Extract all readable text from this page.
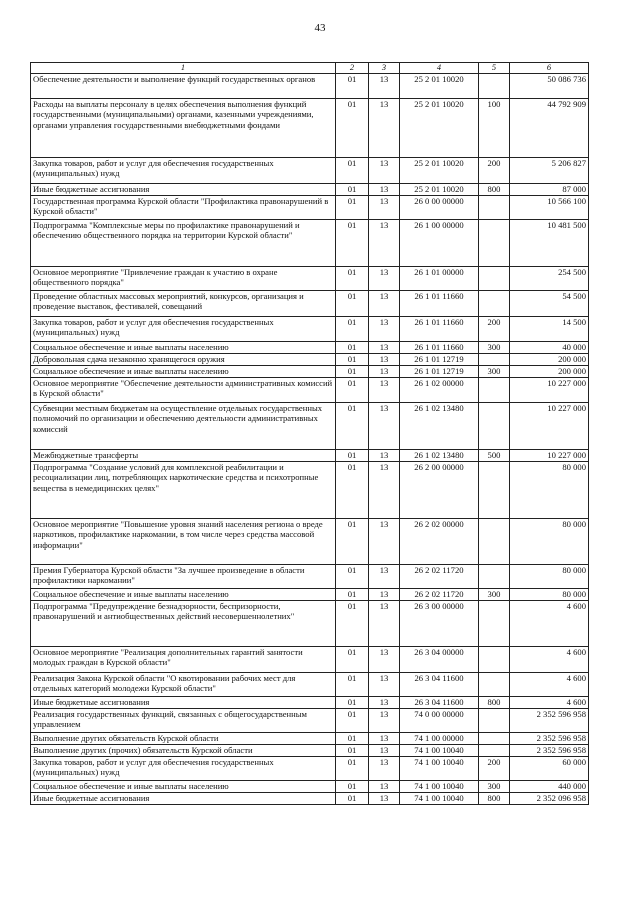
43
1	2	3	4	5	6
Обеспечение деятельности и выполнение функций государственных органов	01	13	25 2 01 10020		50 086 736
Расходы на выплаты персоналу в целях обеспечения выполнения функций государственными (муниципальными) органами, казенными учреждениями, органами управления государственными внебюджетными фондами	01	13	25 2 01 10020	100	44 792 909
Закупка товаров, работ и услуг для обеспечения государственных (муниципальных) нужд	01	13	25 2 01 10020	200	5 206 827
Иные бюджетные ассигнования	01	13	25 2 01 10020	800	87 000
Государственная программа Курской области "Профилактика правонарушений в Курской области"	01	13	26 0 00 00000		10 566 100
Подпрограмма "Комплексные меры по профилактике правонарушений и обеспечению общественного порядка на территории Курской области"	01	13	26 1 00 00000		10 481 500
Основное мероприятие "Привлечение граждан к участию в охране общественного порядка"	01	13	26 1 01 00000		254 500
Проведение областных массовых мероприятий, конкурсов, организация и проведение выставок, фестивалей, совещаний	01	13	26 1 01 11660		54 500
Закупка товаров, работ и услуг для обеспечения государственных (муниципальных) нужд	01	13	26 1 01 11660	200	14 500
Социальное обеспечение и иные выплаты населению	01	13	26 1 01 11660	300	40 000
Добровольная сдача незаконно хранящегося оружия	01	13	26 1 01 12719		200 000
Социальное обеспечение и иные выплаты населению	01	13	26 1 01 12719	300	200 000
Основное мероприятие "Обеспечение деятельности административных комиссий в Курской области"	01	13	26 1 02 00000		10 227 000
Субвенции местным бюджетам на осуществление отдельных государственных полномочий по организации и обеспечению деятельности административных комиссий	01	13	26 1 02 13480		10 227 000
Межбюджетные трансферты	01	13	26 1 02 13480	500	10 227 000
Подпрограмма "Создание условий для комплексной реабилитации и ресоциализации лиц, потребляющих наркотические средства и психотропные вещества в немедицинских целях"	01	13	26 2 00 00000		80 000
Основное мероприятие "Повышение уровня знаний населения региона о вреде наркотиков, профилактике наркомании, в том числе через средства массовой информации"	01	13	26 2 02 00000		80 000
Премия Губернатора Курской области "За лучшее произведение в области профилактики наркомании"	01	13	26 2 02 11720		80 000
Социальное обеспечение и иные выплаты населению	01	13	26 2 02 11720	300	80 000
Подпрограмма "Предупреждение безнадзорности, беспризорности, правонарушений и антиобщественных действий несовершеннолетних"	01	13	26 3 00 00000		4 600
Основное мероприятие "Реализация дополнительных гарантий занятости молодых граждан в Курской области"	01	13	26 3 04 00000		4 600
Реализация Закона Курской области "О квотировании рабочих мест для отдельных категорий молодежи Курской области"	01	13	26 3 04 11600		4 600
Иные бюджетные ассигнования	01	13	26 3 04 11600	800	4 600
Реализация государственных функций, связанных с общегосударственным управлением	01	13	74 0 00 00000		2 352 596 958
Выполнение других обязательств Курской области	01	13	74 1 00 00000		2 352 596 958
Выполнение других (прочих) обязательств Курской области	01	13	74 1 00 10040		2 352 596 958
Закупка товаров, работ и услуг для обеспечения государственных (муниципальных) нужд	01	13	74 1 00 10040	200	60 000
Социальное обеспечение и иные выплаты населению	01	13	74 1 00 10040	300	440 000
Иные бюджетные ассигнования	01	13	74 1 00 10040	800	2 352 096 958
